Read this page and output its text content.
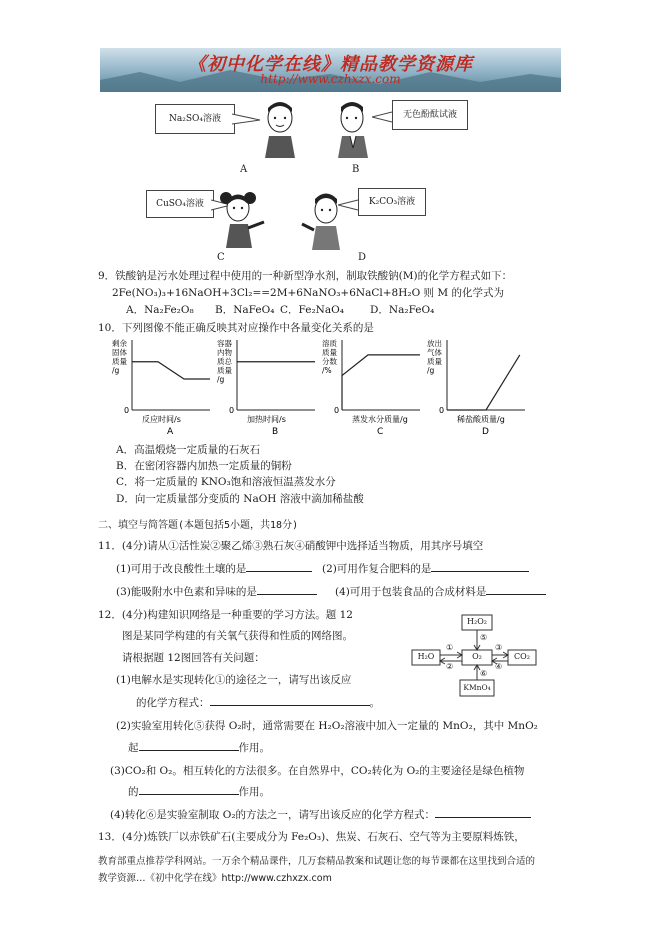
《初中化学在线》精品教学资源库
http://www.czhxzx.com
Na₂SO₄溶液
A
无色酚酞试液
B
CuSO₄溶液
C
K₂CO₃溶液
D
9．铁酸钠是污水处理过程中使用的一种新型净水剂，制取铁酸钠(M)的化学方程式如下：
2Fe(NO₃)₃+16NaOH+3Cl₂==2M+6NaNO₃+6NaCl+8H₂O 则 M 的化学式为
A．Na₂Fe₂O₈ B．NaFeO₄ C．Fe₂NaO₄ D．Na₂FeO₄
10．下列图像不能正确反映其对应操作中各量变化关系的是
0
反应时间/s
剩余
固体
质量
/g
A
0
加热时间/s
容器
内物
质总
质量
/g
B
0
蒸发水分质量/g
溶质
质量
分数
/%
C
0
稀盐酸质量/g
放出
气体
质量
/g
D
A．高温煅烧一定质量的石灰石
B．在密闭容器内加热一定质量的铜粉
C．将一定质量的 KNO₃饱和溶液恒温蒸发水分
D．向一定质量部分变质的 NaOH 溶液中滴加稀盐酸
二、填空与简答题(本题包括5小题，共18分)
11．(4分)请从①活性炭②聚乙烯③熟石灰④硝酸钾中选择适当物质，用其序号填空
(1)可用于改良酸性土壤的是	(2)可用作复合肥料的是
(3)能吸附水中色素和异味的是	(4)可用于包装食品的合成材料是
12．(4分)构建知识网络是一种重要的学习方法。题 12
图是某同学构建的有关氧气获得和性质的网络图。
请根据题 12图回答有关问题：
H₂O₂
H₂O	O₂	CO₂
KMnO₄
⑤
①
②
③
④
⑥
(1)电解水是实现转化①的途径之一，请写出该反应
的化学方程式：	。
(2)实验室用转化⑤获得 O₂时，通常需要在 H₂O₂溶液中加入一定量的 MnO₂，其中 MnO₂
起	作用。
(3)CO₂和 O₂。相互转化的方法很多。在自然界中，CO₂转化为 O₂的主要途径是绿色植物
的	作用。
(4)转化⑥是实验室制取 O₂的方法之一，请写出该反应的化学方程式：
13．(4分)炼铁厂以赤铁矿石(主要成分为 Fe₂O₃)、焦炭、石灰石、空气等为主要原料炼铁，
教育部重点推荐学科网站。一万余个精品课件，几万套精品教案和试题让您的每节课都在这里找到合适的
教学资源…《初中化学在线》http://www.czhxzx.com
